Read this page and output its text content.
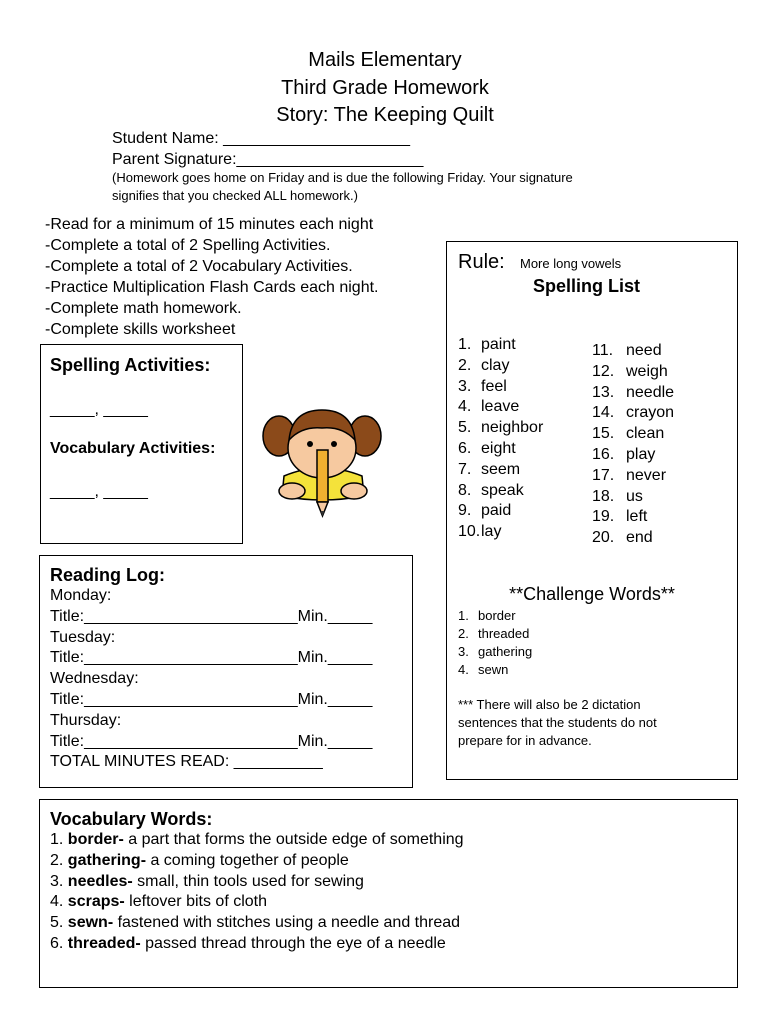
Mails Elementary
Third Grade Homework
Story: The Keeping Quilt
Student Name: _____________________
Parent Signature:_____________________
(Homework goes home on Friday and is due the following Friday. Your signature
signifies that you checked ALL homework.)
-Read for a minimum of 15 minutes each night
-Complete a total of 2 Spelling Activities.
-Complete a total of 2 Vocabulary Activities.
-Practice Multiplication Flash Cards each night.
-Complete math homework.
-Complete skills worksheet
Spelling Activities:
_____, _____
Vocabulary Activities:
_____, _____
Rule: More long vowels
Spelling List
1. paint
2. clay
3. feel
4. leave
5. neighbor
6. eight
7. seem
8. speak
9. paid
10.lay
11. need
12. weigh
13. needle
14. crayon
15. clean
16. play
17. never
18. us
19. left
20. end
**Challenge Words**
1. border
2. threaded
3. gathering
4. sewn
*** There will also be 2 dictation
sentences that the students do not
prepare for in advance.
Reading Log:
Monday:
Title:________________________Min._____
Tuesday:
Title:________________________Min._____
Wednesday:
Title:________________________Min._____
Thursday:
Title:________________________Min._____
TOTAL MINUTES READ: __________
Vocabulary Words:
1. border- a part that forms the outside edge of something
2. gathering- a coming together of people
3. needles- small, thin tools used for sewing
4. scraps- leftover bits of cloth
5. sewn- fastened with stitches using a needle and thread
6. threaded- passed thread through the eye of a needle
